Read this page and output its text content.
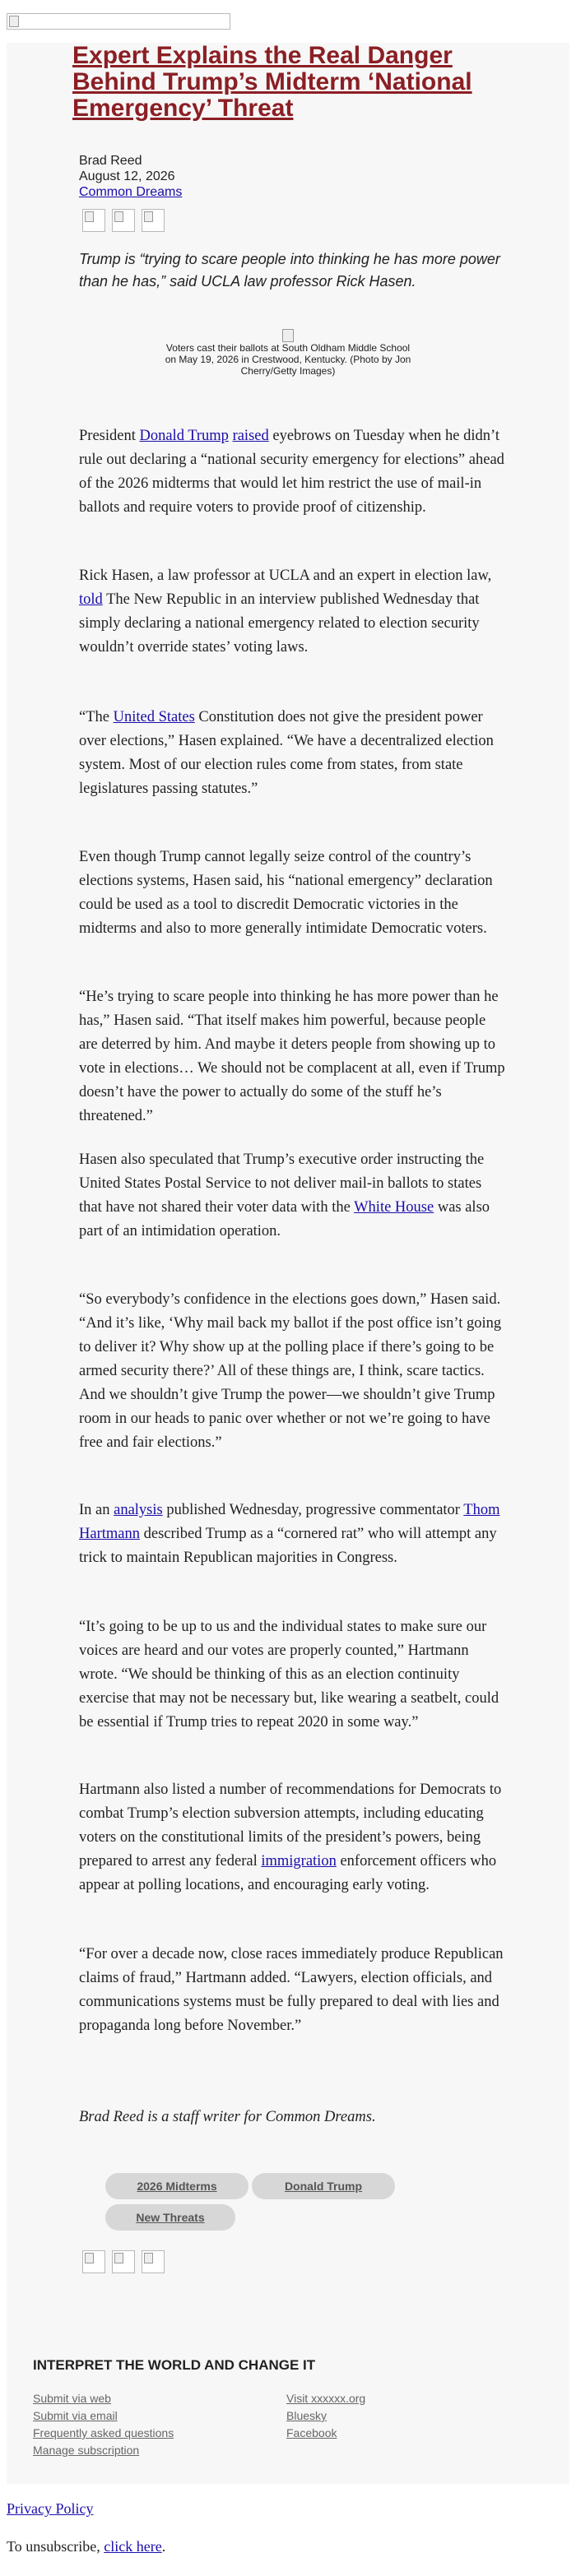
Expert Explains the Real Danger Behind Trump’s Midterm ‘National Emergency’ Threat
Brad Reed
August 12, 2026
Common Dreams

Trump is “trying to scare people into thinking he has more power than he has,” said UCLA law professor Rick Hasen.

Voters cast their ballots at South Oldham Middle School on May 19, 2026 in Crestwood, Kentucky. (Photo by Jon Cherry/Getty Images)

President Donald Trump raised eyebrows on Tuesday when he didn’t rule out declaring a “national security emergency for elections” ahead of the 2026 midterms that would let him restrict the use of mail-in ballots and require voters to provide proof of citizenship.

Rick Hasen, a law professor at UCLA and an expert in election law, told The New Republic in an interview published Wednesday that simply declaring a national emergency related to election security wouldn’t override states’ voting laws.

“The United States Constitution does not give the president power over elections,” Hasen explained. “We have a decentralized election system. Most of our election rules come from states, from state legislatures passing statutes.”

Even though Trump cannot legally seize control of the country’s elections systems, Hasen said, his “national emergency” declaration could be used as a tool to discredit Democratic victories in the midterms and also to more generally intimidate Democratic voters.

“He’s trying to scare people into thinking he has more power than he has,” Hasen said. “That itself makes him powerful, because people are deterred by him. And maybe it deters people from showing up to vote in elections… We should not be complacent at all, even if Trump doesn’t have the power to actually do some of the stuff he’s threatened.”

Hasen also speculated that Trump’s executive order instructing the United States Postal Service to not deliver mail-in ballots to states that have not shared their voter data with the White House was also part of an intimidation operation.

“So everybody’s confidence in the elections goes down,” Hasen said. “And it’s like, ‘Why mail back my ballot if the post office isn’t going to deliver it? Why show up at the polling place if there’s going to be armed security there?’ All of these things are, I think, scare tactics. And we shouldn’t give Trump the power—we shouldn’t give Trump room in our heads to panic over whether or not we’re going to have free and fair elections.”

In an analysis published Wednesday, progressive commentator Thom Hartmann described Trump as a “cornered rat” who will attempt any trick to maintain Republican majorities in Congress.

“It’s going to be up to us and the individual states to make sure our voices are heard and our votes are properly counted,” Hartmann wrote. “We should be thinking of this as an election continuity exercise that may not be necessary but, like wearing a seatbelt, could be essential if Trump tries to repeat 2020 in some way.”

Hartmann also listed a number of recommendations for Democrats to combat Trump’s election subversion attempts, including educating voters on the constitutional limits of the president’s powers, being prepared to arrest any federal immigration enforcement officers who appear at polling locations, and encouraging early voting.

“For over a decade now, close races immediately produce Republican claims of fraud,” Hartmann added. “Lawyers, election officials, and communications systems must be fully prepared to deal with lies and propaganda long before November.”

Brad Reed is a staff writer for Common Dreams.

2026 Midterms	Donald Trump
New Threats
INTERPRET THE WORLD AND CHANGE IT
Submit via web
Submit via email
Frequently asked questions
Manage subscription
Visit xxxxxx.org
Bluesky
Facebook
Privacy Policy
To unsubscribe, click here.
